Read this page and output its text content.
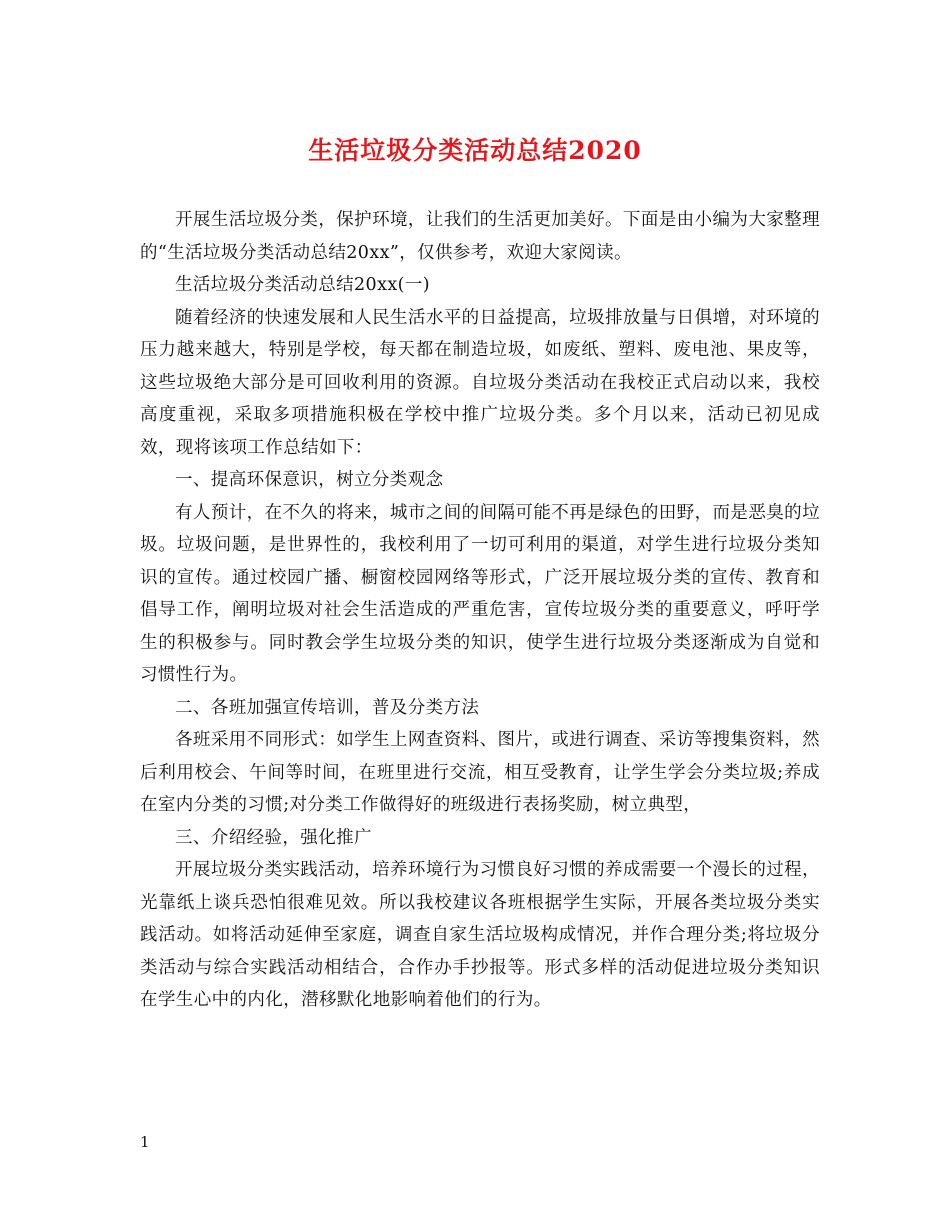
生活垃圾分类活动总结2020

开展生活垃圾分类，保护环境，让我们的生活更加美好。下面是由小编为大家整理的“生活垃圾分类活动总结20xx”，仅供参考，欢迎大家阅读。

生活垃圾分类活动总结20xx(一)

随着经济的快速发展和人民生活水平的日益提高，垃圾排放量与日俱增，对环境的压力越来越大，特别是学校，每天都在制造垃圾，如废纸、塑料、废电池、果皮等，这些垃圾绝大部分是可回收利用的资源。自垃圾分类活动在我校正式启动以来，我校高度重视，采取多项措施积极在学校中推广垃圾分类。多个月以来，活动已初见成效，现将该项工作总结如下：

一、提高环保意识，树立分类观念

有人预计，在不久的将来，城市之间的间隔可能不再是绿色的田野，而是恶臭的垃圾。垃圾问题，是世界性的，我校利用了一切可利用的渠道，对学生进行垃圾分类知识的宣传。通过校园广播、橱窗校园网络等形式，广泛开展垃圾分类的宣传、教育和倡导工作，阐明垃圾对社会生活造成的严重危害，宣传垃圾分类的重要意义，呼吁学生的积极参与。同时教会学生垃圾分类的知识，使学生进行垃圾分类逐渐成为自觉和习惯性行为。

二、各班加强宣传培训，普及分类方法

各班采用不同形式：如学生上网查资料、图片，或进行调查、采访等搜集资料，然后利用校会、午间等时间，在班里进行交流，相互受教育，让学生学会分类垃圾;养成在室内分类的习惯;对分类工作做得好的班级进行表扬奖励，树立典型，

三、介绍经验，强化推广

开展垃圾分类实践活动，培养环境行为习惯良好习惯的养成需要一个漫长的过程，光靠纸上谈兵恐怕很难见效。所以我校建议各班根据学生实际，开展各类垃圾分类实践活动。如将活动延伸至家庭，调查自家生活垃圾构成情况，并作合理分类;将垃圾分类活动与综合实践活动相结合，合作办手抄报等。形式多样的活动促进垃圾分类知识在学生心中的内化，潜移默化地影响着他们的行为。

1
